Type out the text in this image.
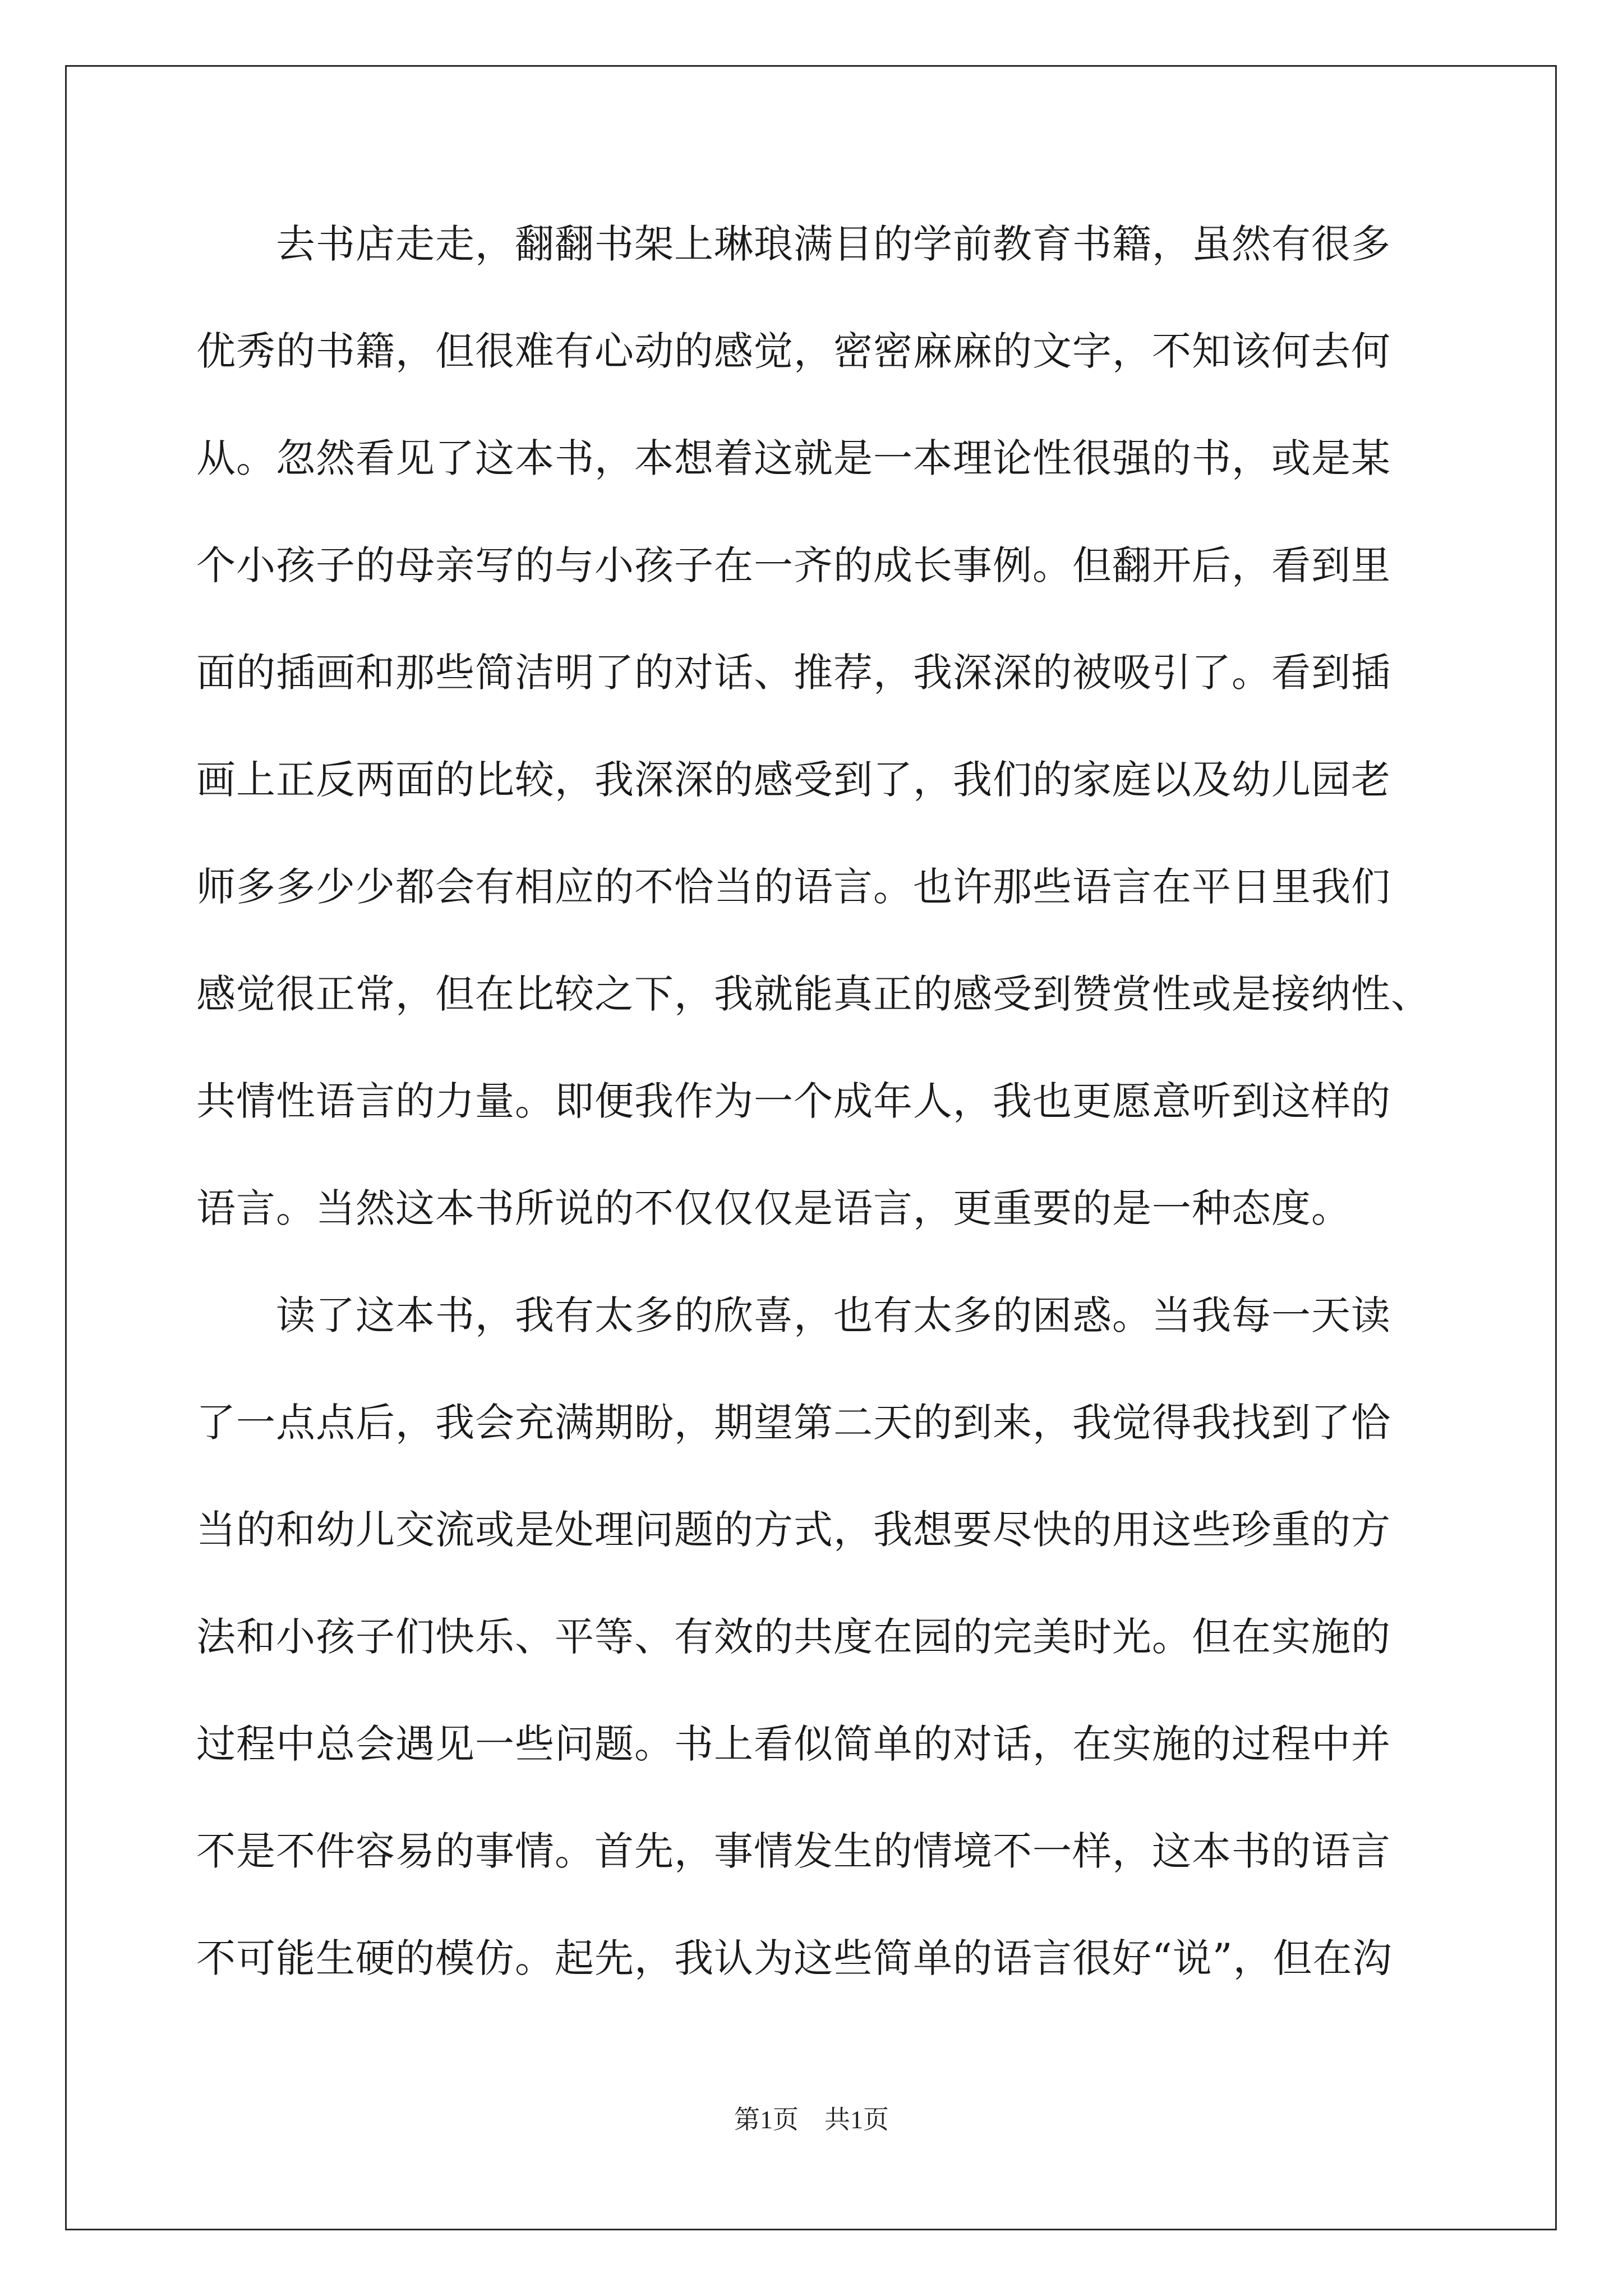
　　去书店走走，翻翻书架上琳琅满目的学前教育书籍，虽然有很多
优秀的书籍，但很难有心动的感觉，密密麻麻的文字，不知该何去何
从。忽然看见了这本书，本想着这就是一本理论性很强的书，或是某
个小孩子的母亲写的与小孩子在一齐的成长事例。但翻开后，看到里
面的插画和那些简洁明了的对话、推荐，我深深的被吸引了。看到插
画上正反两面的比较，我深深的感受到了，我们的家庭以及幼儿园老
师多多少少都会有相应的不恰当的语言。也许那些语言在平日里我们
感觉很正常，但在比较之下，我就能真正的感受到赞赏性或是接纳性、
共情性语言的力量。即便我作为一个成年人，我也更愿意听到这样的
语言。当然这本书所说的不仅仅仅是语言，更重要的是一种态度。
　　读了这本书，我有太多的欣喜，也有太多的困惑。当我每一天读
了一点点后，我会充满期盼，期望第二天的到来，我觉得我找到了恰
当的和幼儿交流或是处理问题的方式，我想要尽快的用这些珍重的方
法和小孩子们快乐、平等、有效的共度在园的完美时光。但在实施的
过程中总会遇见一些问题。书上看似简单的对话，在实施的过程中并
不是不件容易的事情。首先，事情发生的情境不一样，这本书的语言
不可能生硬的模仿。起先，我认为这些简单的语言很好“说”，但在沟
第1页　共1页
